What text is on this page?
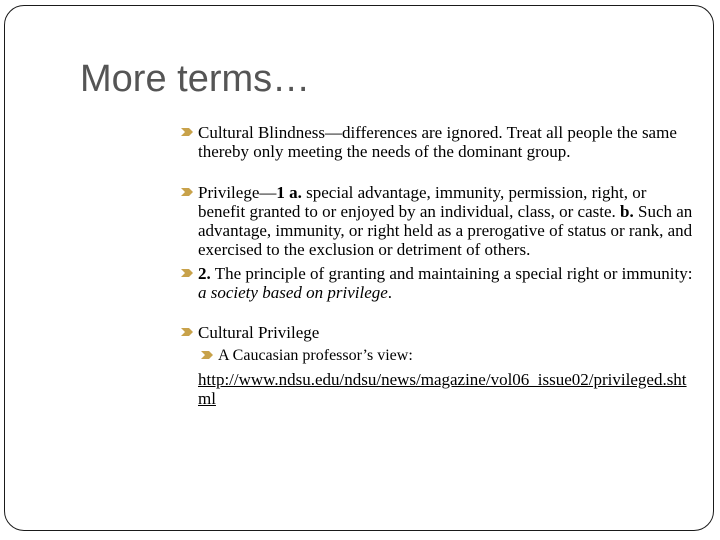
More terms…

Cultural Blindness—differences are ignored. Treat all people the same thereby only meeting the needs of the dominant group.

Privilege—1 a. special advantage, immunity, permission, right, or benefit granted to or enjoyed by an individual, class, or caste. b. Such an advantage, immunity, or right held as a prerogative of status or rank, and exercised to the exclusion or detriment of others.

2. The principle of granting and maintaining a special right or immunity: a society based on privilege.

Cultural Privilege

A Caucasian professor’s view:

http://www.ndsu.edu/ndsu/news/magazine/vol06_issue02/privileged.shtml
